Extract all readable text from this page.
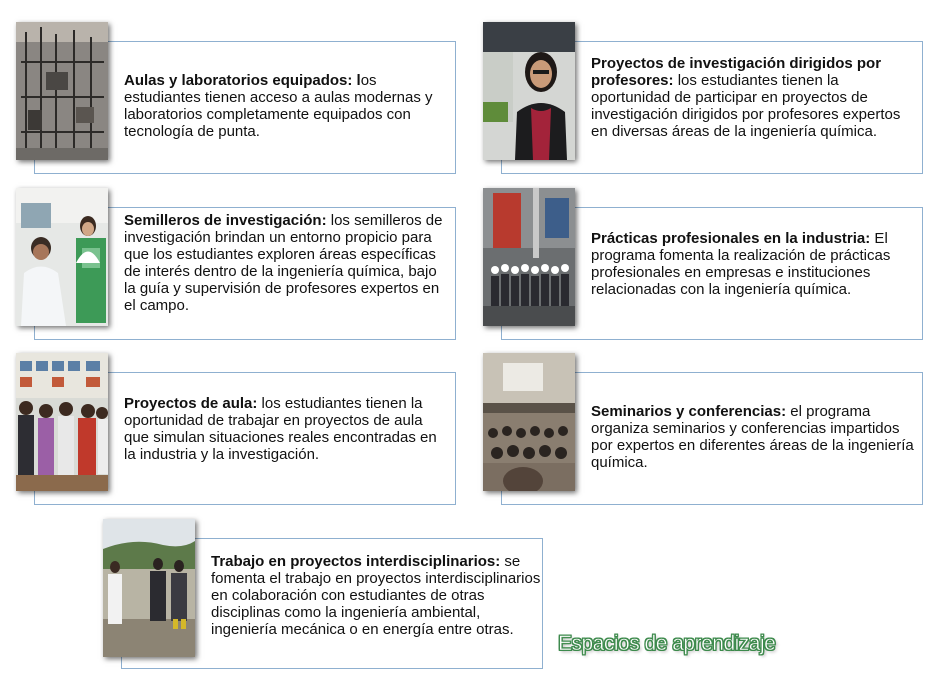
Aulas y laboratorios equipados: los estudiantes tienen acceso a aulas modernas y laboratorios completamente equipados con tecnología de punta.
Proyectos de investigación dirigidos por profesores: los estudiantes tienen la oportunidad de participar en proyectos de investigación dirigidos por profesores expertos en diversas áreas de la ingeniería química.
Semilleros de investigación: los semilleros de investigación brindan un entorno propicio para que los estudiantes exploren áreas específicas de interés dentro de la ingeniería química, bajo la guía y supervisión de profesores expertos en el campo.
Prácticas profesionales en la industria: El programa fomenta la realización de prácticas profesionales en empresas e instituciones relacionadas con la ingeniería química.
Proyectos de aula: los estudiantes tienen la oportunidad de trabajar en proyectos de aula que simulan situaciones reales encontradas en la industria y la investigación.
Seminarios y conferencias: el programa organiza seminarios y conferencias impartidos por expertos en diferentes áreas de la ingeniería química.
Trabajo en proyectos interdisciplinarios: se fomenta el trabajo en proyectos interdisciplinarios en colaboración con estudiantes de otras disciplinas como la ingeniería ambiental, ingeniería mecánica o en energía entre otras.
Espacios de aprendizaje
